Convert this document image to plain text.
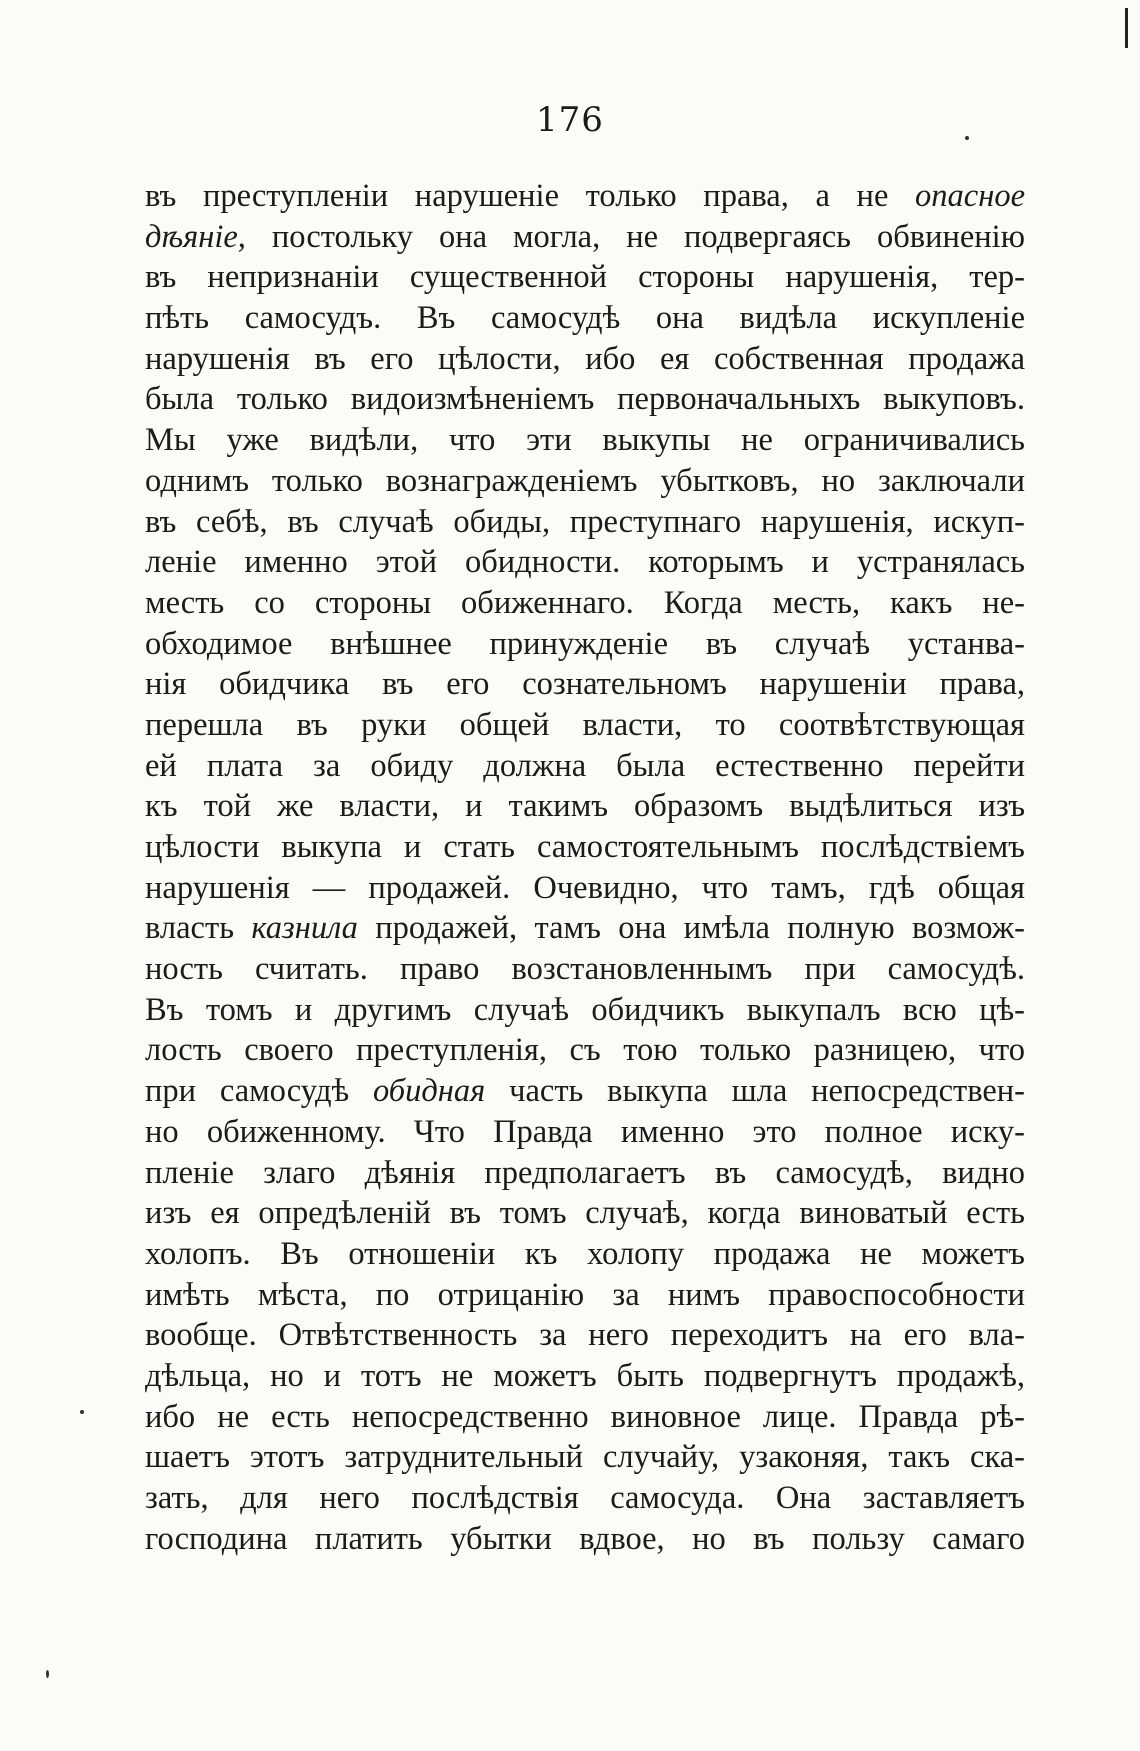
176
въ преступленіи нарушеніе только права, а не опасное
дѣяніе, постольку она могла, не подвергаясь обвиненію
въ непризнаніи существенной стороны нарушенія, тер-
пѣть самосудъ. Въ самосудѣ она видѣла искупленіе
нарушенія въ его цѣлости, ибо ея собственная продажа
была только видоизмѣненіемъ первоначальныхъ выкуповъ.
Мы уже видѣли, что эти выкупы не ограничивались
однимъ только вознагражденіемъ убытковъ, но заключали
въ себѣ, въ случаѣ обиды, преступнаго нарушенія, искуп-
леніе именно этой обидности. которымъ и устранялась
месть со стороны обиженнаго. Когда месть, какъ не-
обходимое внѣшнее принужденіе въ случаѣ устанва-
нія обидчика въ его сознательномъ нарушеніи права,
перешла въ руки общей власти, то соотвѣтствующая
ей плата за обиду должна была естественно перейти
къ той же власти, и такимъ образомъ выдѣлиться изъ
цѣлости выкупа и стать самостоятельнымъ послѣдствіемъ
нарушенія — продажей. Очевидно, что тамъ, гдѣ общая
власть казнила продажей, тамъ она имѣла полную возмож-
ность считать. право возстановленнымъ при самосудѣ.
Въ томъ и другимъ случаѣ обидчикъ выкупалъ всю цѣ-
лость своего преступленія, съ тою только разницею, что
при самосудѣ обидная часть выкупа шла непосредствен-
но обиженному. Что Правда именно это полное иску-
пленіе злаго дѣянія предполагаетъ въ самосудѣ, видно
изъ ея опредѣленій въ томъ случаѣ, когда виноватый есть
холопъ. Въ отношеніи къ холопу продажа не можетъ
имѣть мѣста, по отрицанію за нимъ правоспособности
вообще. Отвѣтственность за него переходитъ на его вла-
дѣльца, но и тотъ не можетъ быть подвергнутъ продажѣ,
ибо не есть непосредственно виновное лице. Правда рѣ-
шаетъ этотъ затруднительный случайу, узаконяя, такъ ска-
зать, для него послѣдствія самосуда. Она заставляетъ
господина платить убытки вдвое, но въ пользу самаго
